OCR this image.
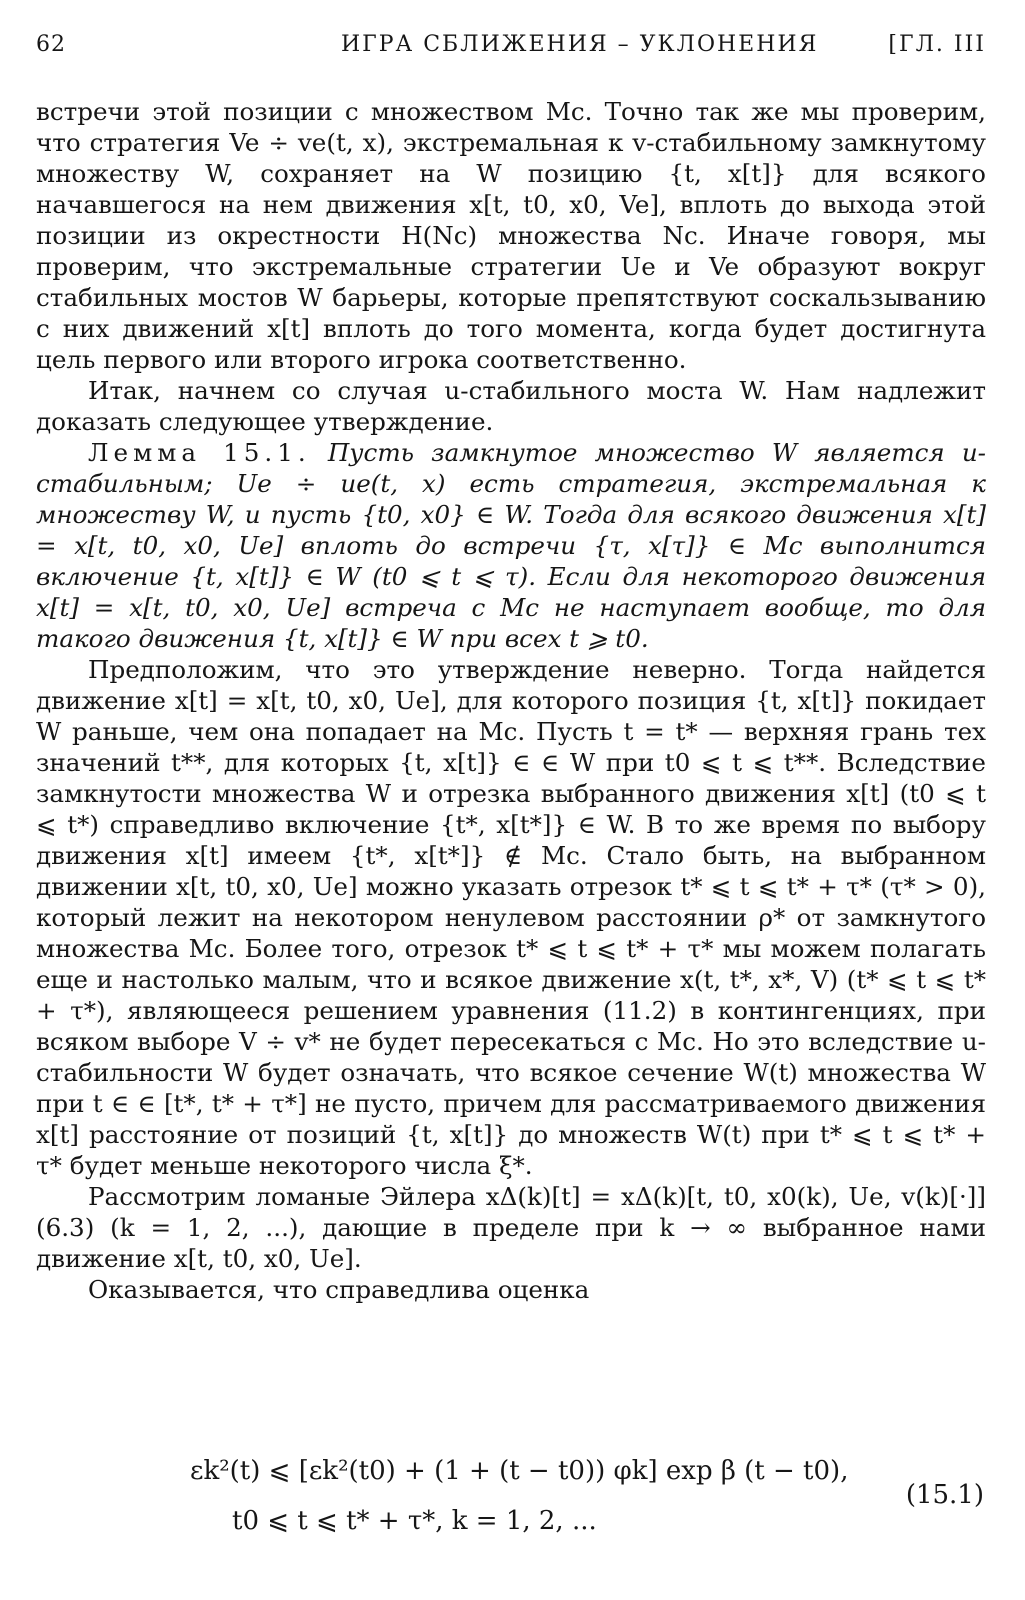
62	ИГРА СБЛИЖЕНИЯ – УКЛОНЕНИЯ	[ГЛ. III

встречи этой позиции с множеством Mc. Точно так же мы проверим, что стратегия Ve ÷ ve(t, x), экстремальная к v-стабильному замкнутому множеству W, сохраняет на W позицию {t, x[t]} для всякого начавшегося на нем движения x[t, t0, x0, Ve], вплоть до выхода этой позиции из окрестности H(Nc) множества Nc. Иначе говоря, мы проверим, что экстремальные стратегии Ue и Ve образуют вокруг стабильных мостов W барьеры, которые препятствуют соскальзыванию с них движений x[t] вплоть до того момента, когда будет достигнута цель первого или второго игрока соответственно.

Итак, начнем со случая u-стабильного моста W. Нам надлежит доказать следующее утверждение.

Лемма 15.1. Пусть замкнутое множество W является u-стабильным; Ue ÷ ue(t, x) есть стратегия, экстремальная к множеству W, и пусть {t0, x0} ∈ W. Тогда для всякого движения x[t] = x[t, t0, x0, Ue] вплоть до встречи {τ, x[τ]} ∈ Mc выполнится включение {t, x[t]} ∈ W (t0 ⩽ t ⩽ τ). Если для некоторого движения x[t] = x[t, t0, x0, Ue] встреча с Mc не наступает вообще, то для такого движения {t, x[t]} ∈ W при всех t ⩾ t0.

Предположим, что это утверждение неверно. Тогда найдется движение x[t] = x[t, t0, x0, Ue], для которого позиция {t, x[t]} покидает W раньше, чем она попадает на Mc. Пусть t = t* — верхняя грань тех значений t**, для которых {t, x[t]} ∈ ∈ W при t0 ⩽ t ⩽ t**. Вследствие замкнутости множества W и отрезка выбранного движения x[t] (t0 ⩽ t ⩽ t*) справедливо включение {t*, x[t*]} ∈ W. В то же время по выбору движения x[t] имеем {t*, x[t*]} ∉ Mc. Стало быть, на выбранном движении x[t, t0, x0, Ue] можно указать отрезок t* ⩽ t ⩽ t* + τ* (τ* > 0), который лежит на некотором ненулевом расстоянии ρ* от замкнутого множества Mc. Более того, отрезок t* ⩽ t ⩽ t* + τ* мы можем полагать еще и настолько малым, что и всякое движение x(t, t*, x*, V) (t* ⩽ t ⩽ t* + τ*), являющееся решением уравнения (11.2) в контингенциях, при всяком выборе V ÷ v* не будет пересекаться с Mc. Но это вследствие u-стабильности W будет означать, что всякое сечение W(t) множества W при t ∈ ∈ [t*, t* + τ*] не пусто, причем для рассматриваемого движения x[t] расстояние от позиций {t, x[t]} до множеств W(t) при t* ⩽ t ⩽ t* + τ* будет меньше некоторого числа ξ*.

Рассмотрим ломаные Эйлера xΔ(k)[t] = xΔ(k)[t, t0, x0(k), Ue, v(k)[·]] (6.3) (k = 1, 2, ...), дающие в пределе при k → ∞ выбранное нами движение x[t, t0, x0, Ue].

Оказывается, что справедлива оценка

εk²(t) ⩽ [εk²(t0) + (1 + (t − t0)) φk] exp β (t − t0),
t0 ⩽ t ⩽ t* + τ*, k = 1, 2, ...
(15.1)
